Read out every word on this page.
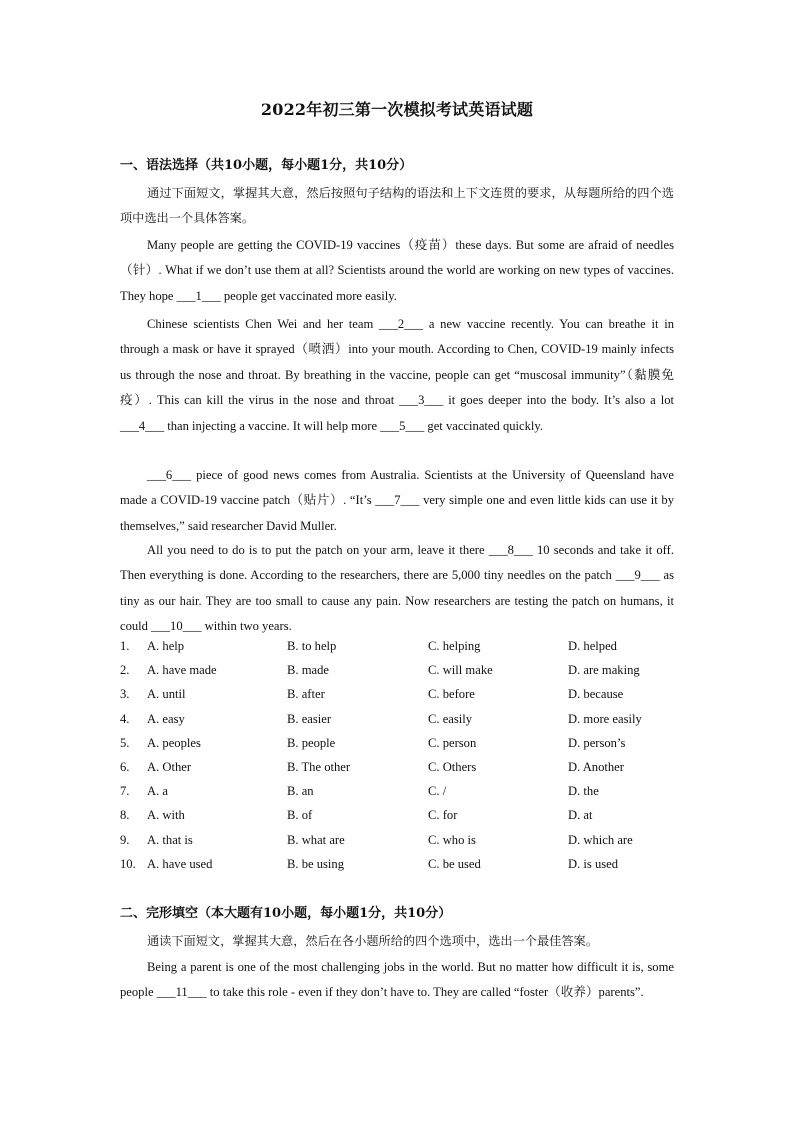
2022年初三第一次模拟考试英语试题
一、语法选择（共10小题，每小题1分，共10分）

通过下面短文，掌握其大意，然后按照句子结构的语法和上下文连贯的要求，从每题所给的四个选项中选出一个具体答案。

Many people are getting the COVID-19 vaccines（疫苗）these days. But some are afraid of needles（针）. What if we don’t use them at all? Scientists around the world are working on new types of vaccines. They hope ___1___ people get vaccinated more easily.

Chinese scientists Chen Wei and her team ___2___ a new vaccine recently. You can breathe it in through a mask or have it sprayed（喷洒）into your mouth. According to Chen, COVID-19 mainly infects us through the nose and throat. By breathing in the vaccine, people can get “muscosal immunity”（黏膜免疫）. This can kill the virus in the nose and throat ___3___ it goes deeper into the body. It’s also a lot ___4___ than injecting a vaccine. It will help more ___5___ get vaccinated quickly.

___6___ piece of good news comes from Australia. Scientists at the University of Queensland have made a COVID-19 vaccine patch（贴片）. “It’s ___7___ very simple one and even little kids can use it by themselves,” said researcher David Muller.

All you need to do is to put the patch on your arm, leave it there ___8___ 10 seconds and take it off. Then everything is done. According to the researchers, there are 5,000 tiny needles on the patch ___9___ as tiny as our hair. They are too small to cause any pain. Now researchers are testing the patch on humans, it could ___10___ within two years.

1. A. help	B. to help	C. helping	D. helped
2. A. have made	B. made	C. will make	D. are making
3. A. until	B. after	C. before	D. because
4. A. easy	B. easier	C. easily	D. more easily
5. A. peoples	B. people	C. person	D. person’s
6. A. Other	B. The other	C. Others	D. Another
7. A. a	B. an	C. /	D. the
8. A. with	B. of	C. for	D. at
9. A. that is	B. what are	C. who is	D. which are
10. A. have used	B. be using	C. be used	D. is used
二、完形填空（本大题有10小题，每小题1分，共10分）

通读下面短文，掌握其大意，然后在各小题所给的四个选项中，选出一个最佳答案。

Being a parent is one of the most challenging jobs in the world. But no matter how difficult it is, some people ___11___ to take this role - even if they don’t have to. They are called “foster（收养）parents”.
